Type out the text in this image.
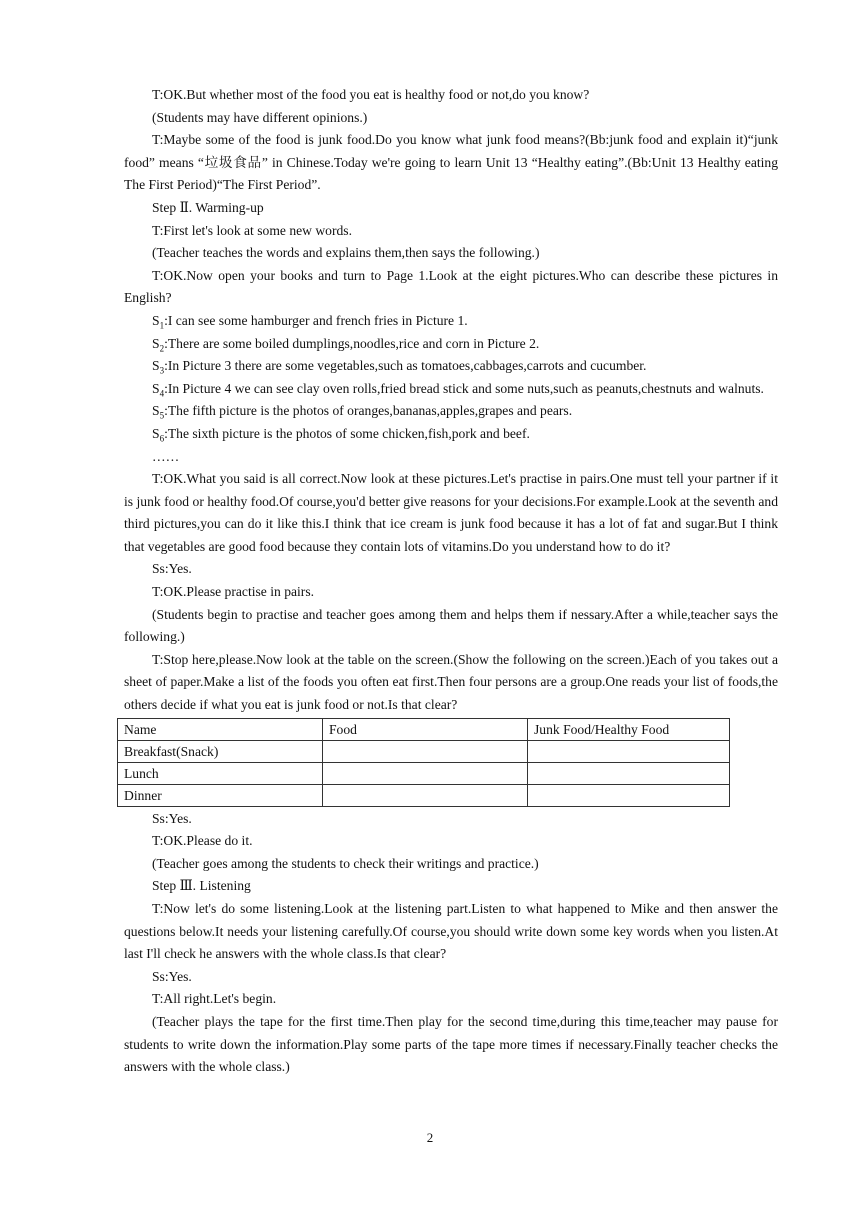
T:OK.But whether most of the food you eat is healthy food or not,do you know?

(Students may have different opinions.)

T:Maybe some of the food is junk food.Do you know what junk food means?(Bb:junk food and explain it)“junk food” means “垃圾食品” in Chinese.Today we're going to learn Unit 13 “Healthy eating”.(Bb:Unit 13 Healthy eating The First Period)“The First Period”.

Step Ⅱ. Warming-up

T:First let's look at some new words.

(Teacher teaches the words and explains them,then says the following.)

T:OK.Now open your books and turn to Page 1.Look at the eight pictures.Who can describe these pictures in English?

$S_1:I$ can see some hamburger and french fries in Picture 1.

$S_2:There$ are some boiled dumplings,noodles,rice and corn in Picture 2.

$S_3:In$ Picture 3 there are some vegetables,such as tomatoes,cabbages,carrots and cucumber.

$S_4:In$ Picture 4 we can see clay oven rolls,fried bread stick and some nuts,such as peanuts,chestnuts and walnuts.

$S_5:The$ fifth picture is the photos of oranges,bananas,apples,grapes and pears.

$S_6:The$ sixth picture is the photos of some chicken,fish,pork and beef.

……

T:OK.What you said is all correct.Now look at these pictures.Let's practise in pairs.One must tell your partner if it is junk food or healthy food.Of course,you'd better give reasons for your decisions.For example.Look at the seventh and third pictures,you can do it like this.I think that ice cream is junk food because it has a lot of fat and sugar.But I think that vegetables are good food because they contain lots of vitamins.Do you understand how to do it?

Ss:Yes.

T:OK.Please practise in pairs.

(Students begin to practise and teacher goes among them and helps them if nessary.After a while,teacher says the following.)

T:Stop here,please.Now look at the table on the screen.(Show the following on the screen.)Each of you takes out a sheet of paper.Make a list of the foods you often eat first.Then four persons are a group.One reads your list of foods,the others decide if what you eat is junk food or not.Is that clear?

Name	Food	Junk Food/Healthy Food
Breakfast(Snack)		
Lunch		
Dinner		

Ss:Yes.

T:OK.Please do it.

(Teacher goes among the students to check their writings and practice.)

Step Ⅲ. Listening

T:Now let's do some listening.Look at the listening part.Listen to what happened to Mike and then answer the questions below.It needs your listening carefully.Of course,you should write down some key words when you listen.At last I'll check he answers with the whole class.Is that clear?

Ss:Yes.

T:All right.Let's begin.

(Teacher plays the tape for the first time.Then play for the second time,during this time,teacher may pause for students to write down the information.Play some parts of the tape more times if necessary.Finally teacher checks the answers with the whole class.)

2
